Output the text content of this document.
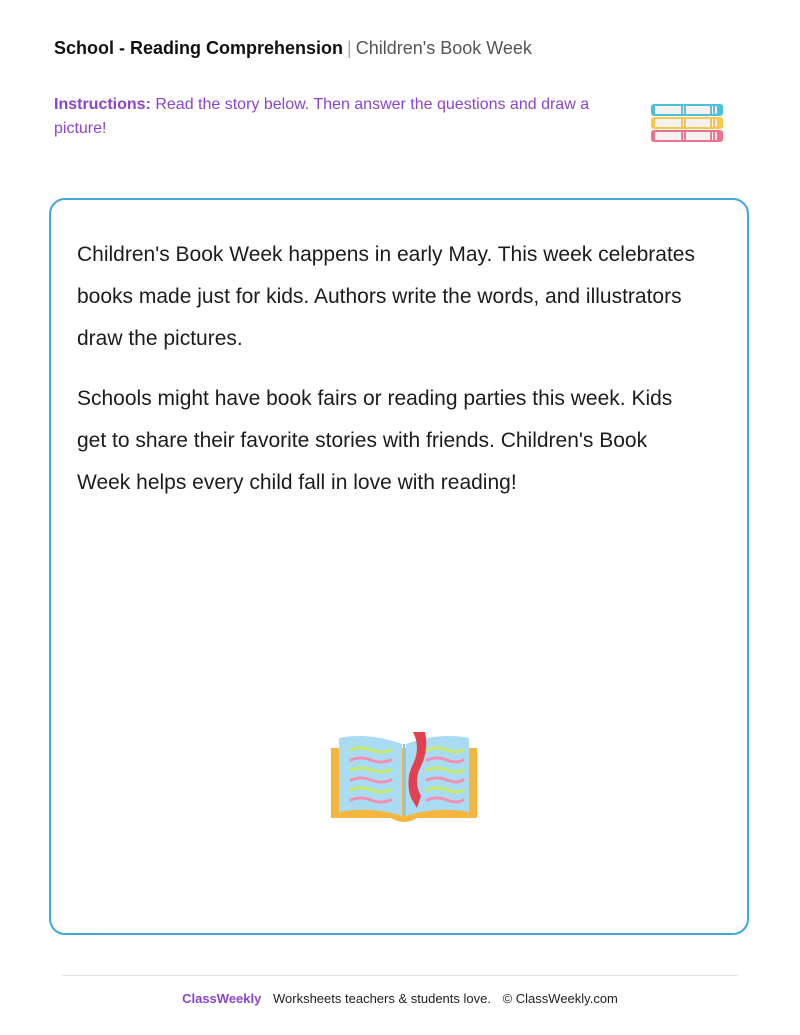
School - Reading Comprehension | Children's Book Week
Instructions: Read the story below. Then answer the questions and draw a picture!

Children's Book Week happens in early May. This week celebrates books made just for kids. Authors write the words, and illustrators draw the pictures.

Schools might have book fairs or reading parties this week. Kids get to share their favorite stories with friends. Children's Book Week helps every child fall in love with reading!

ClassWeekly Worksheets teachers & students love. © ClassWeekly.com
